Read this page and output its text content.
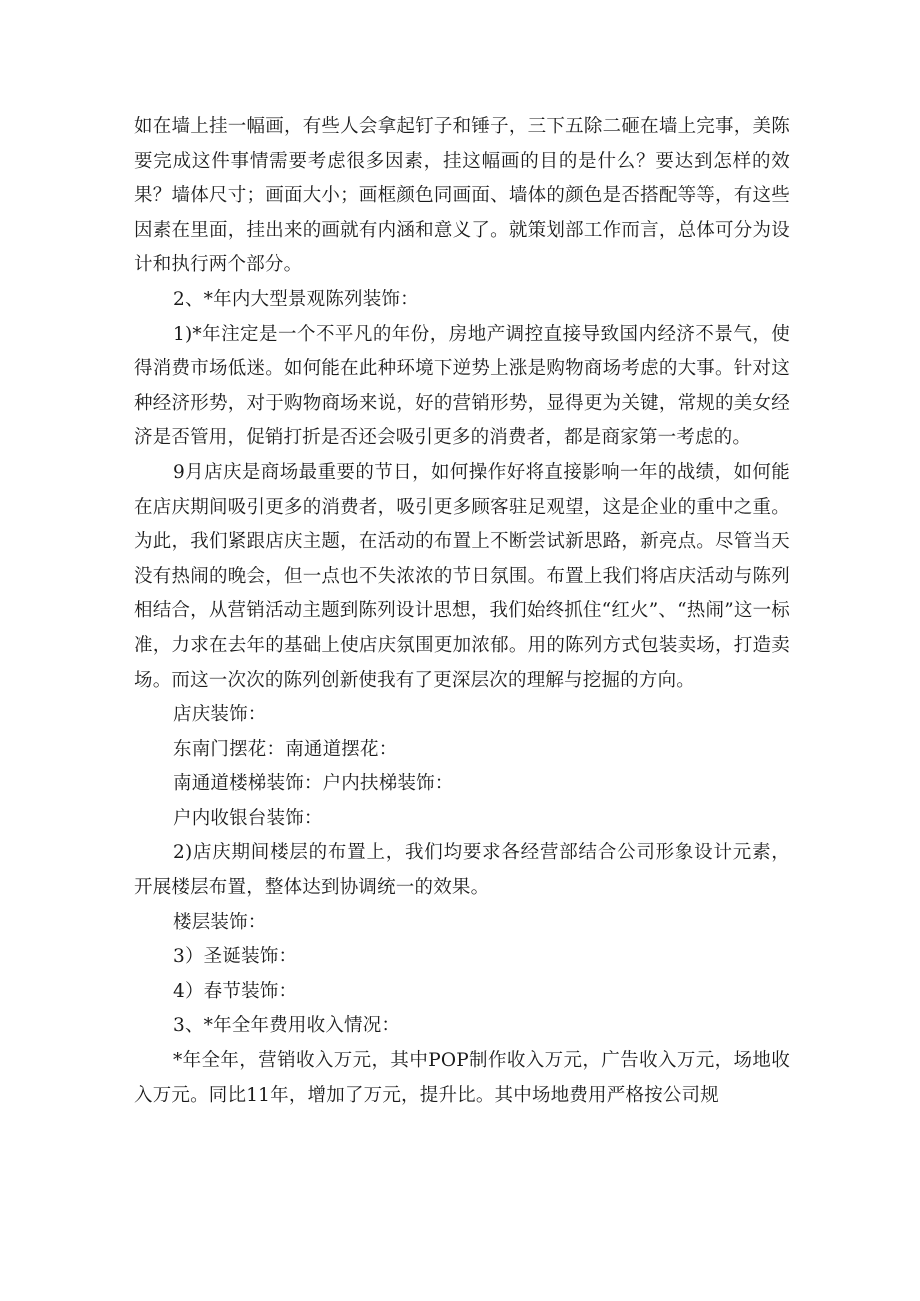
如在墙上挂一幅画，有些人会拿起钉子和锤子，三下五除二砸在墙上完事，美陈要完成这件事情需要考虑很多因素，挂这幅画的目的是什么？要达到怎样的效果？墙体尺寸；画面大小；画框颜色同画面、墙体的颜色是否搭配等等，有这些因素在里面，挂出来的画就有内涵和意义了。就策划部工作而言，总体可分为设计和执行两个部分。

2、*年内大型景观陈列装饰：

1)*年注定是一个不平凡的年份，房地产调控直接导致国内经济不景气，使得消费市场低迷。如何能在此种环境下逆势上涨是购物商场考虑的大事。针对这种经济形势，对于购物商场来说，好的营销形势，显得更为关键，常规的美女经济是否管用，促销打折是否还会吸引更多的消费者，都是商家第一考虑的。

9月店庆是商场最重要的节日，如何操作好将直接影响一年的战绩，如何能在店庆期间吸引更多的消费者，吸引更多顾客驻足观望，这是企业的重中之重。为此，我们紧跟店庆主题，在活动的布置上不断尝试新思路，新亮点。尽管当天没有热闹的晚会，但一点也不失浓浓的节日氛围。布置上我们将店庆活动与陈列相结合，从营销活动主题到陈列设计思想，我们始终抓住“红火”、“热闹”这一标准，力求在去年的基础上使店庆氛围更加浓郁。用的陈列方式包装卖场，打造卖场。而这一次次的陈列创新使我有了更深层次的理解与挖掘的方向。

店庆装饰：

东南门摆花：南通道摆花：

南通道楼梯装饰：户内扶梯装饰：

户内收银台装饰：

2)店庆期间楼层的布置上，我们均要求各经营部结合公司形象设计元素，开展楼层布置，整体达到协调统一的效果。

楼层装饰：

3）圣诞装饰：

4）春节装饰：

3、*年全年费用收入情况：

*年全年，营销收入万元，其中POP制作收入万元，广告收入万元，场地收入万元。同比11年，增加了万元，提升比。其中场地费用严格按公司规
